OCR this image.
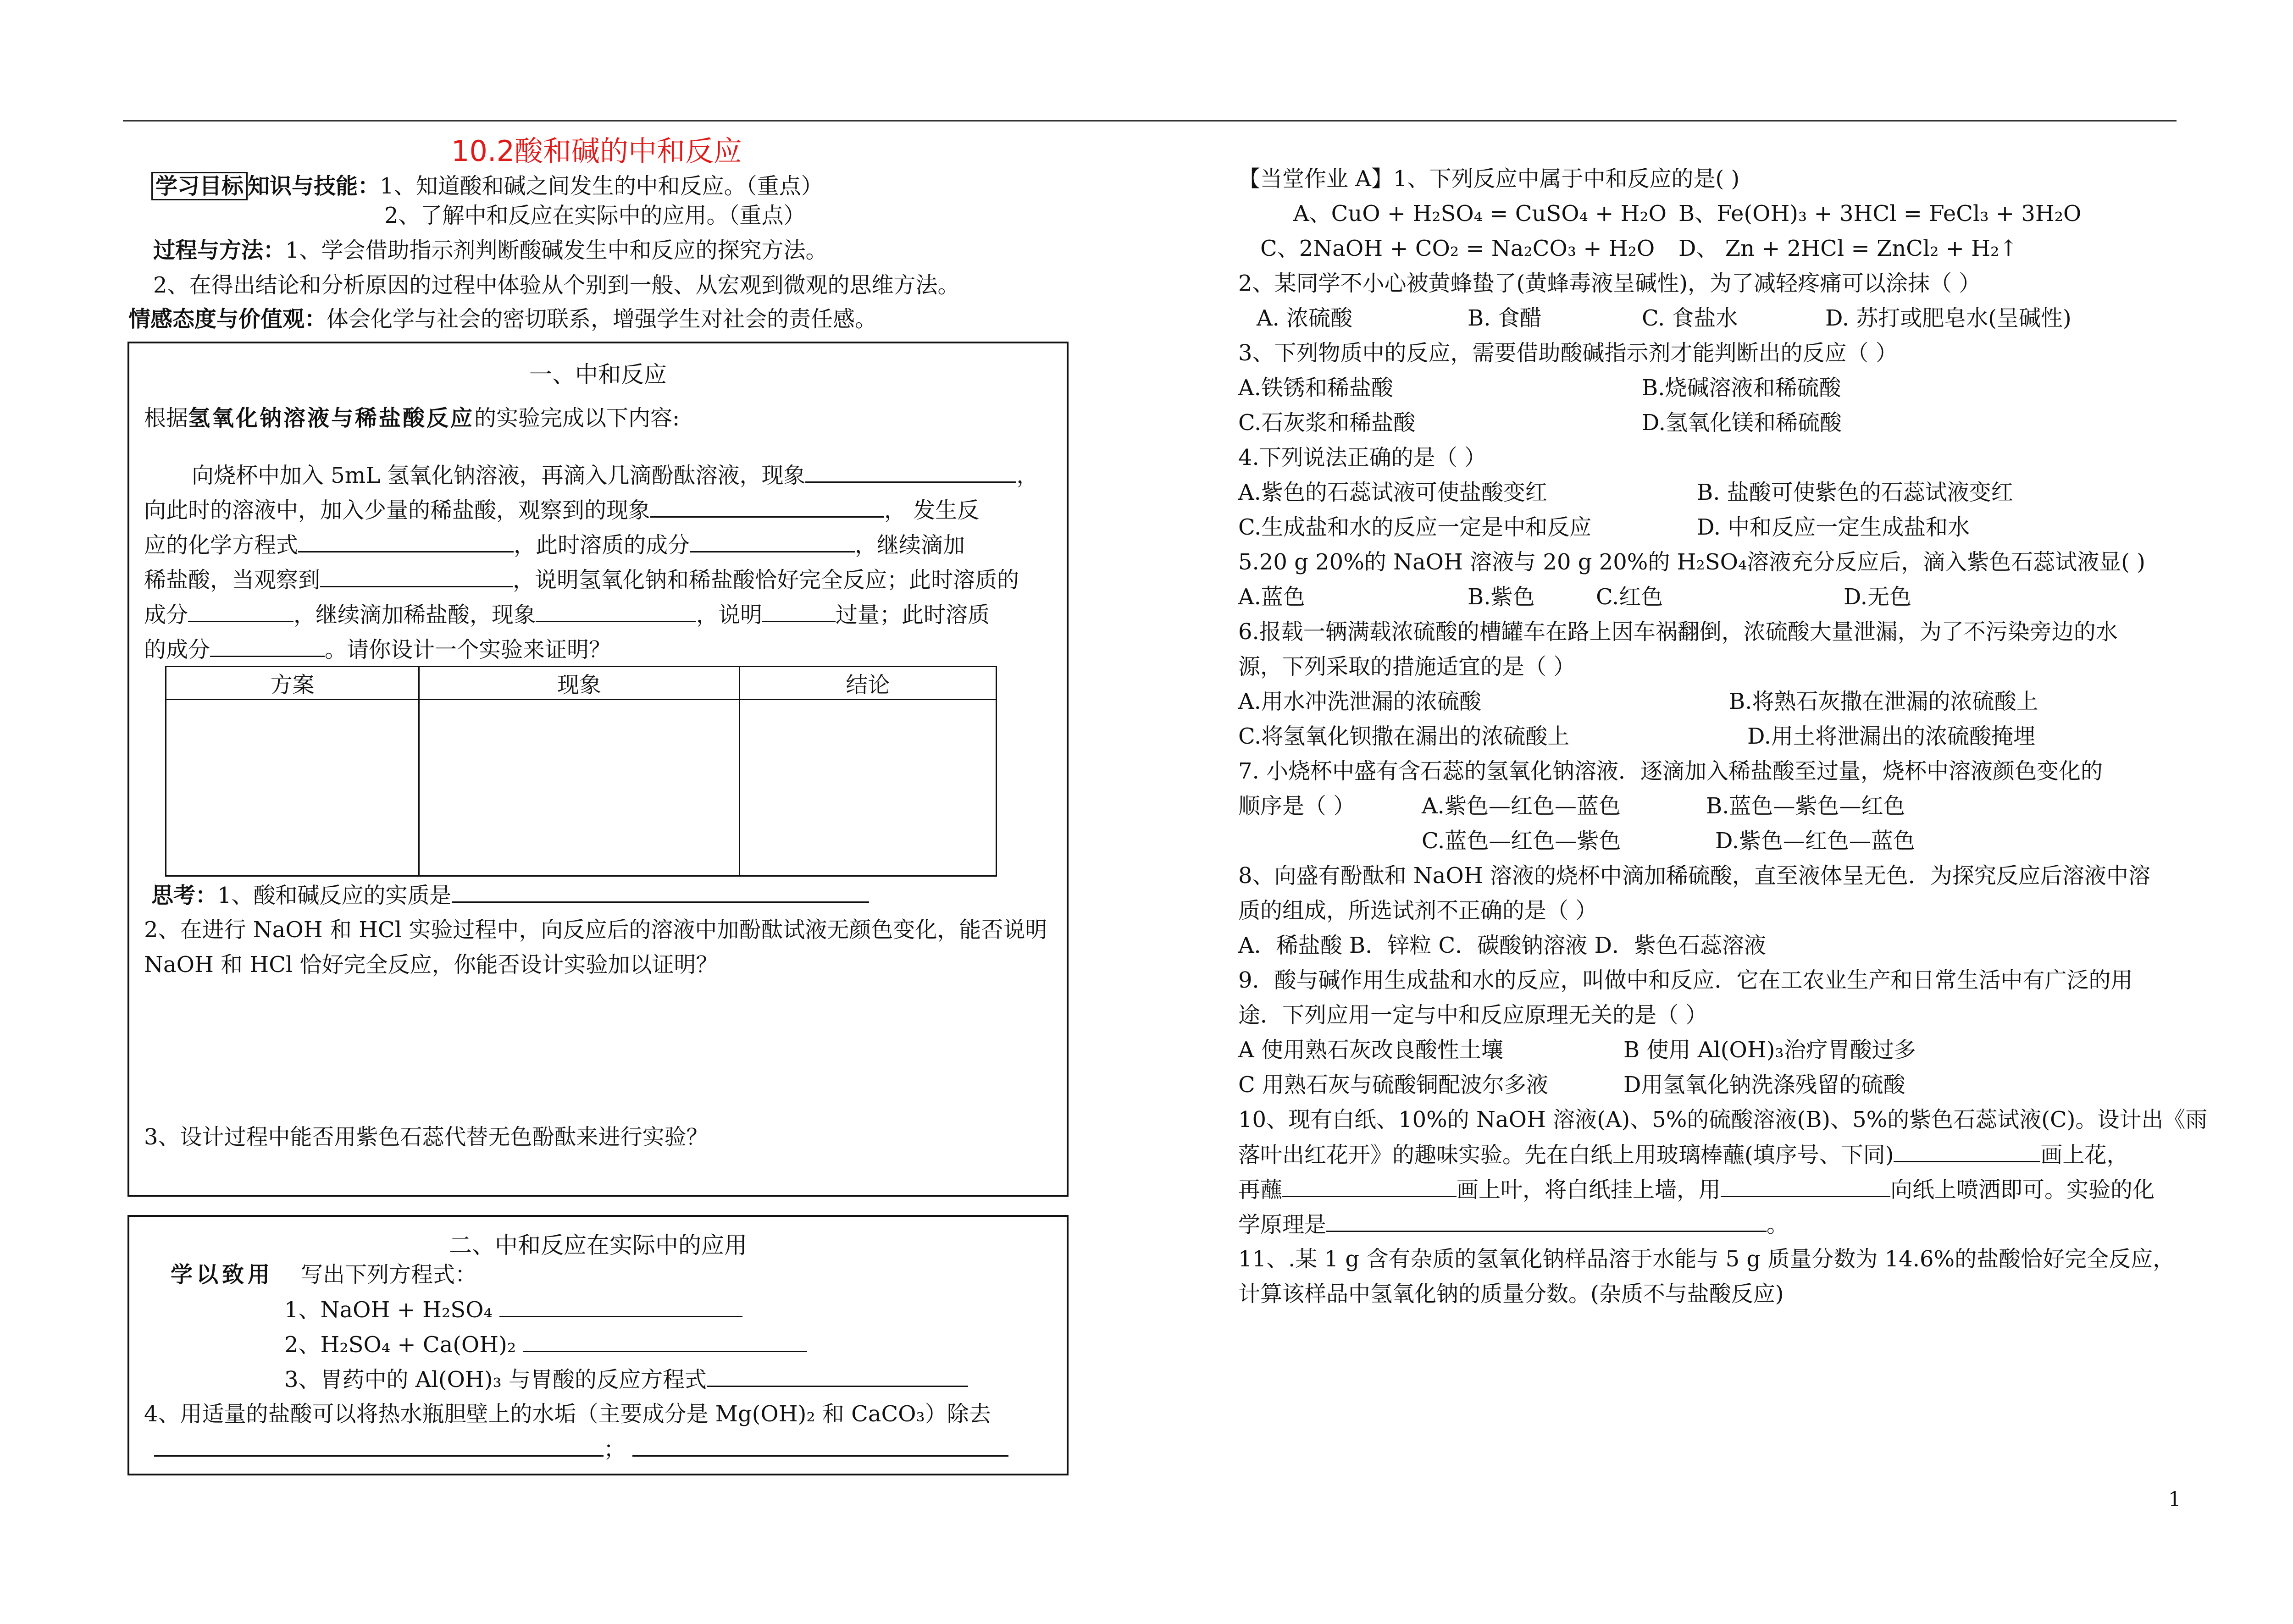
10.2酸和碱的中和反应
学习目标 知识与技能：1、知道酸和碱之间发生的中和反应。（重点）
2、了解中和反应在实际中的应用。（重点）
过程与方法：1、学会借助指示剂判断酸碱发生中和反应的探究方法。
2、在得出结论和分析原因的过程中体验从个别到一般、从宏观到微观的思维方法。
情感态度与价值观：体会化学与社会的密切联系，增强学生对社会的责任感。
一、中和反应
根据氢氧化钠溶液与稀盐酸反应的实验完成以下内容:
向烧杯中加入 5mL 氢氧化钠溶液，再滴入几滴酚酞溶液，现象	，
向此时的溶液中，加入少量的稀盐酸，观察到的现象	， 发生反
应的化学方程式	，此时溶质的成分	，继续滴加
稀盐酸，当观察到	，说明氢氧化钠和稀盐酸恰好完全反应；此时溶质的
成分	，继续滴加稀盐酸，现象	，说明	过量；此时溶质
的成分	。请你设计一个实验来证明？
方案	现象	结论

思考：1、酸和碱反应的实质是
2、在进行 NaOH 和 HCl 实验过程中，向反应后的溶液中加酚酞试液无颜色变化，能否说明
NaOH 和 HCl 恰好完全反应，你能否设计实验加以证明？
3、设计过程中能否用紫色石蕊代替无色酚酞来进行实验？
二、中和反应在实际中的应用
学以致用 写出下列方程式：
1、NaOH + H₂SO₄
2、H₂SO₄ + Ca(OH)₂
3、胃药中的 Al(OH)₃ 与胃酸的反应方程式
4、用适量的盐酸可以将热水瓶胆壁上的水垢（主要成分是 Mg(OH)₂ 和 CaCO₃）除去
；
【当堂作业 A】1、下列反应中属于中和反应的是( )
A、CuO + H₂SO₄ = CuSO₄ + H₂O B、Fe(OH)₃ + 3HCl = FeCl₃ + 3H₂O
C、2NaOH + CO₂ = Na₂CO₃ + H₂O D、 Zn + 2HCl = ZnCl₂ + H₂↑
2、某同学不小心被黄蜂蛰了(黄蜂毒液呈碱性)，为了减轻疼痛可以涂抹（ ）
A. 浓硫酸	B. 食醋	C. 食盐水	D. 苏打或肥皂水(呈碱性)
3、下列物质中的反应，需要借助酸碱指示剂才能判断出的反应（ ）
A.铁锈和稀盐酸	B.烧碱溶液和稀硫酸
C.石灰浆和稀盐酸	D.氢氧化镁和稀硫酸
4.下列说法正确的是（ ）
A.紫色的石蕊试液可使盐酸变红	B. 盐酸可使紫色的石蕊试液变红
C.生成盐和水的反应一定是中和反应	D. 中和反应一定生成盐和水
5.20 g 20%的 NaOH 溶液与 20 g 20%的 H₂SO₄溶液充分反应后，滴入紫色石蕊试液显( )
A.蓝色	B.紫色	C.红色	D.无色
6.报载一辆满载浓硫酸的槽罐车在路上因车祸翻倒，浓硫酸大量泄漏，为了不污染旁边的水
源，下列采取的措施适宜的是（ ）
A.用水冲洗泄漏的浓硫酸	B.将熟石灰撒在泄漏的浓硫酸上
C.将氢氧化钡撒在漏出的浓硫酸上	D.用土将泄漏出的浓硫酸掩埋
7. 小烧杯中盛有含石蕊的氢氧化钠溶液．逐滴加入稀盐酸至过量，烧杯中溶液颜色变化的
顺序是（ ）	A.紫色—红色—蓝色	B.蓝色—紫色—红色
C.蓝色—红色—紫色	D.紫色—红色—蓝色
8、向盛有酚酞和 NaOH 溶液的烧杯中滴加稀硫酸，直至液体呈无色．为探究反应后溶液中溶
质的组成，所选试剂不正确的是（ ）
A．稀盐酸 B．锌粒 C．碳酸钠溶液 D．紫色石蕊溶液
9．酸与碱作用生成盐和水的反应，叫做中和反应．它在工农业生产和日常生活中有广泛的用
途．下列应用一定与中和反应原理无关的是（ ）
A 使用熟石灰改良酸性土壤	B 使用 Al(OH)₃治疗胃酸过多
C 用熟石灰与硫酸铜配波尔多液	D用氢氧化钠洗涤残留的硫酸
10、现有白纸、10%的 NaOH 溶液(A)、5%的硫酸溶液(B)、5%的紫色石蕊试液(C)。设计出《雨
落叶出红花开》的趣味实验。先在白纸上用玻璃棒蘸(填序号、下同)	画上花，
再蘸	画上叶，将白纸挂上墙，用	向纸上喷洒即可。实验的化
学原理是	。
11、.某 1 g 含有杂质的氢氧化钠样品溶于水能与 5 g 质量分数为 14.6%的盐酸恰好完全反应，
计算该样品中氢氧化钠的质量分数。(杂质不与盐酸反应)
1
